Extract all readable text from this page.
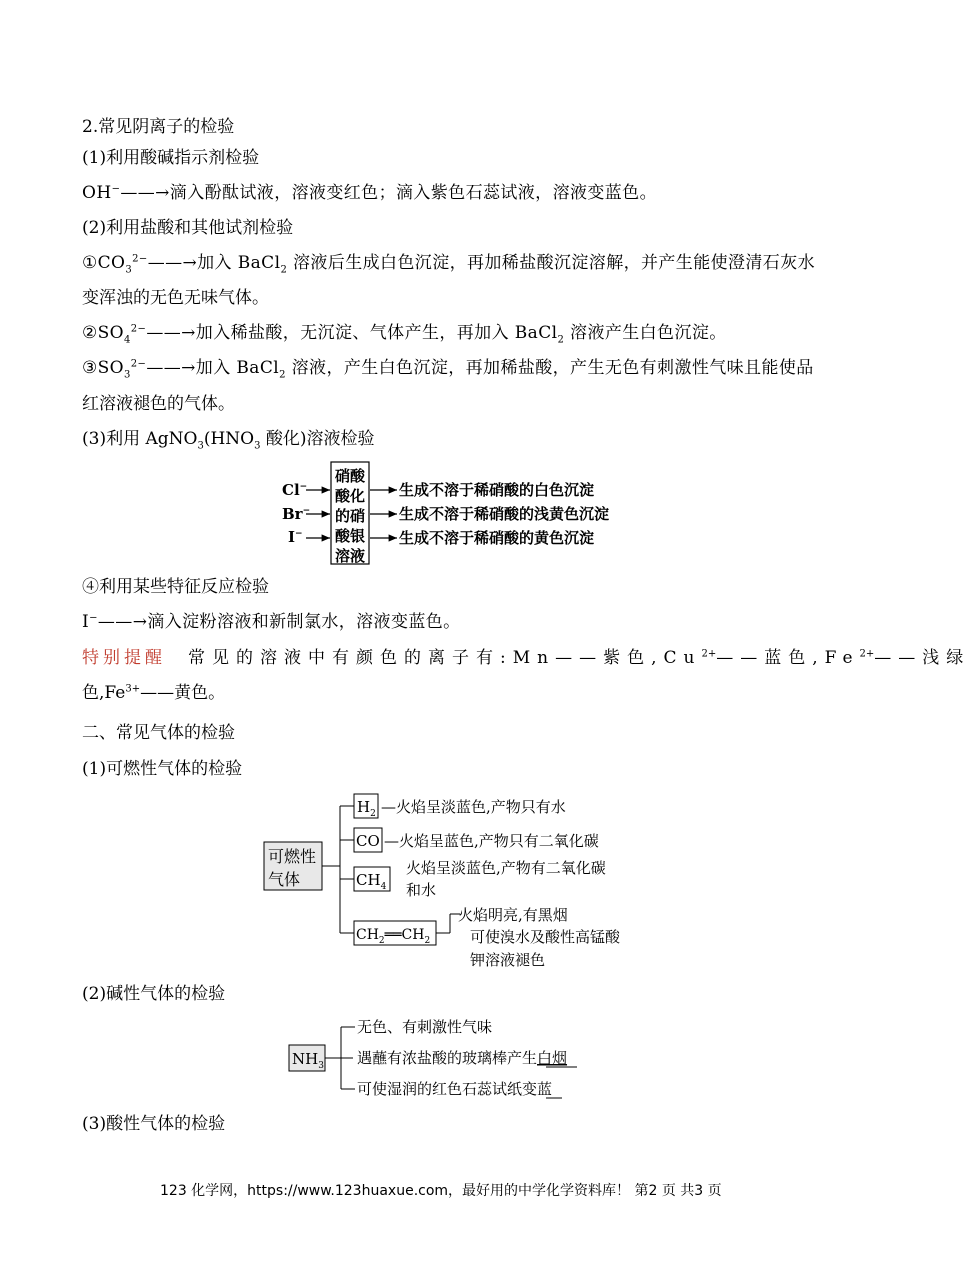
2.常见阴离子的检验
(1)利用酸碱指示剂检验
OH−——→滴入酚酞试液，溶液变红色；滴入紫色石蕊试液，溶液变蓝色。
(2)利用盐酸和其他试剂检验
$①CO_3^{2-}——\to$加入 BaCl$_2$ 溶液后生成白色沉淀，再加稀盐酸沉淀溶解，并产生能使澄清石灰水
变浑浊的无色无味气体。
$②SO_4^{2-}——\to$加入稀盐酸，无沉淀、气体产生，再加入 BaCl$_2$ 溶液产生白色沉淀。
$③SO_3^{2-}——\to$加入 BaCl$_2$ 溶液，产生白色沉淀，再加稀盐酸，产生无色有刺激性气味且能使品
红溶液褪色的气体。
(3)利用 $AgNO_3(HNO_3$ 酸化)溶液检验
硝酸
酸化
的硝
酸银
溶液
Cl−
Br−
I−
生成不溶于稀硝酸的白色沉淀
生成不溶于稀硝酸的浅黄色沉淀
生成不溶于稀硝酸的黄色沉淀
④利用某些特征反应检验
I−——→滴入淀粉溶液和新制氯水，溶液变蓝色。
特别提醒 常见的溶液中有颜色的离子有:Mn——紫色$,Cu^{2+}——$蓝色$,Fe^{2+}——$浅绿
色$,Fe^{3+}——$黄色。
二、常见气体的检验
(1)可燃性气体的检验
可燃性
气体
$H_2$ —火焰呈淡蓝色,产物只有水
CO —火焰呈蓝色,产物只有二氧化碳
$CH_4$
火焰呈淡蓝色,产物有二氧化碳
和水
$CH_2══CH_2$
火焰明亮,有黑烟
可使溴水及酸性高锰酸
钾溶液褪色
(2)碱性气体的检验
$NH_3$
无色、有刺激性气味
遇蘸有浓盐酸的玻璃棒产生白烟
可使湿润的红色石蕊试纸变蓝
(3)酸性气体的检验
123 化学网，https://www.123huaxue.com，最好用的中学化学资料库！ 第2 页 共3 页
